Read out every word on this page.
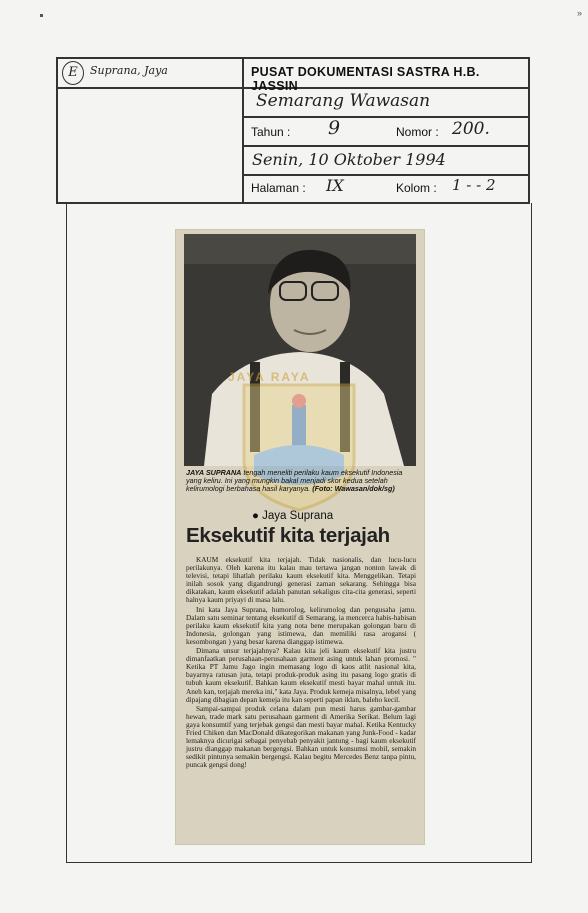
»
E	Suprana, Jaya	PUSAT DOKUMENTASI SASTRA H.B. JASSIN
Semarang Wawasan
Tahun : 9	Nomor : 200.
Senin, 10 Oktober 1994
Halaman : IX	Kolom : 1 - - 2
JAYA RAYA
JAYA SUPRANA tengah meneliti perilaku kaum eksekutif Indonesia yang keliru. Ini yang mungkin bakal menjadi skor kedua setelah kelirumologi berbahasa hasil karyanya. (Foto: Wawasan/dok/sg)
● Jaya Suprana
Eksekutif kita terjajah

KAUM eksekutif kita terjajah. Tidak nasionalis, dan lucu-lucu perilakunya. Oleh karena itu kalau mau tertawa jangan nonton lawak di televisi, tetapi lihatlah perilaku kaum eksekutif kita. Menggelikan. Tetapi inilah sosok yang digandrungi generasi zaman sekarang. Sehingga bisa dikatakan, kaum eksekutif adalah panutan sekaligus cita-cita generasi, seperti halnya kaum priyayi di masa lalu.

Ini kata Jaya Suprana, humorolog, kelirumolog dan pengusaha jamu. Dalam satu seminar tentang eksekutif di Semarang, ia mencerca habis-habisan perilaku kaum eksekutif kita yang nota bene merupakan golongan baru di Indonesia, golongan yang istimewa, dan memiliki rasa arogansi ( kesombongan ) yang besar karena dianggap istimewa.

Dimana unsur terjajahnya? Kalau kita jeli kaum eksekutif kita justru dimanfaatkan perusahaan-perusahaan garment asing untuk lahan promosi. " Ketika PT Jamu Jago ingin memasang logo di kaos atlit nasional kita, bayarnya ratusan juta, tetapi produk-produk asing itu pasang logo gratis di tubuh kaum eksekutif. Bahkan kaum eksekutif mesti bayar mahal untuk itu. Aneh kan, terjajah mereka ini," kata Jaya. Produk kemeja misalnya, lebel yang dipajang dibagian depan kemeja itu kan seperti papan iklan, baleho kecil.

Sampai-sampai produk celana dalam pun mesti harus gambar-gambar hewan, trade mark satu perusahaan garment di Amerika Serikat. Belum lagi gaya konsumtif yang terjebak gengsi dan mesti bayar mahal. Ketika Kentucky Fried Chiken dan MacDonald dikategorikan makanan yang Junk-Food - kadar lemaknya dicurigai sebagai penyebab penyakit jantung - bagi kaum eksekutif justru dianggap makanan bergengsi. Bahkan untuk konsumsi mobil, semakin sedikit pintunya semakin bergengsi. Kalau begitu Mercedes Benz tanpa pintu, puncak gengsi dong!
